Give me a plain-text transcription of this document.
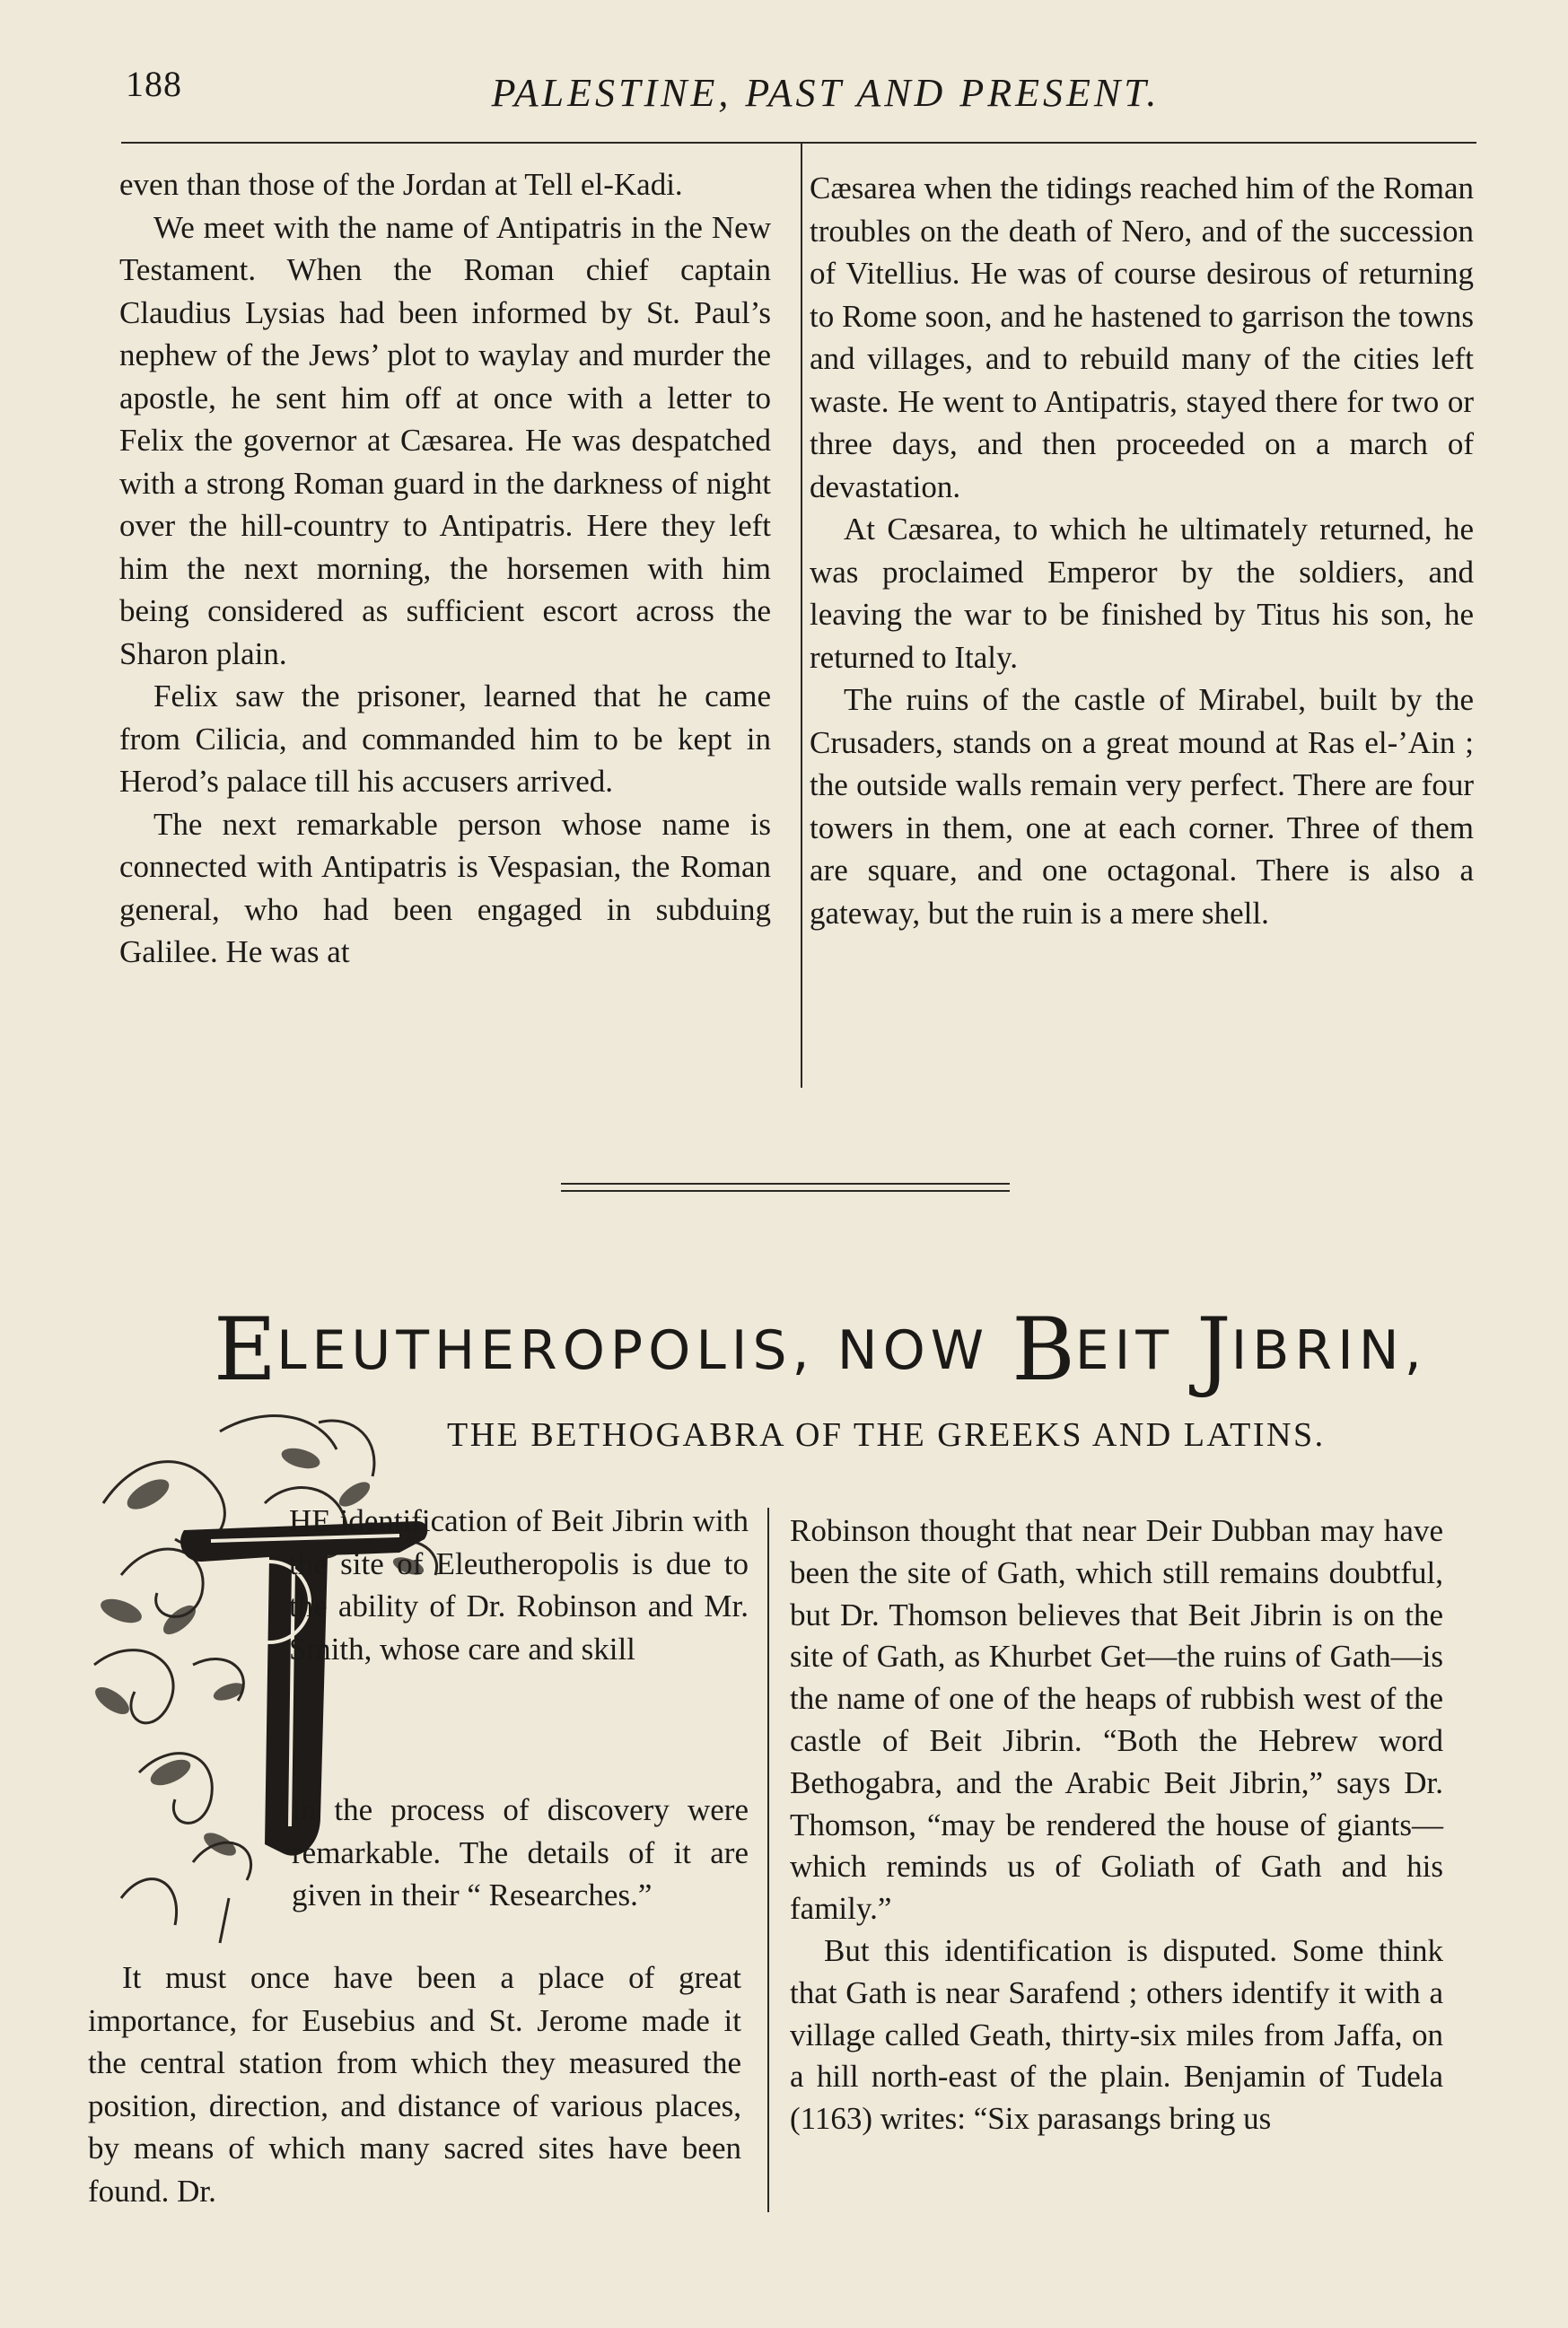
188	PALESTINE, PAST AND PRESENT.

even than those of the Jordan at Tell el-Kadi.

We meet with the name of Antipatris in the New Testament. When the Roman chief captain Claudius Lysias had been informed by St. Paul’s nephew of the Jews’ plot to waylay and murder the apostle, he sent him off at once with a letter to Felix the governor at Cæsarea. He was despatched with a strong Roman guard in the darkness of night over the hill-country to Antipatris. Here they left him the next morning, the horsemen with him being considered as sufficient escort across the Sharon plain.

Felix saw the prisoner, learned that he came from Cilicia, and commanded him to be kept in Herod’s palace till his accusers arrived.

The next remarkable person whose name is connected with Antipatris is Vespasian, the Roman general, who had been engaged in subduing Galilee. He was at

Cæsarea when the tidings reached him of the Roman troubles on the death of Nero, and of the succession of Vitellius. He was of course desirous of returning to Rome soon, and he hastened to garrison the towns and villages, and to rebuild many of the cities left waste. He went to Antipatris, stayed there for two or three days, and then proceeded on a march of devastation.

At Cæsarea, to which he ultimately returned, he was proclaimed Emperor by the soldiers, and leaving the war to be finished by Titus his son, he returned to Italy.

The ruins of the castle of Mirabel, built by the Crusaders, stands on a great mound at Ras el-’Ain ; the outside walls remain very perfect. There are four towers in them, one at each corner. Three of them are square, and one octagonal. There is also a gateway, but the ruin is a mere shell.

ELEUTHEROPOLIS, NOW BEIT JIBRIN,
THE BETHOGABRA OF THE GREEKS AND LATINS.
HE identification of Beit Jibrin with the site of Eleutheropolis is due to the ability of Dr. Robinson and Mr. Smith, whose care and skill
in the process of discovery were remarkable. The details of it are given in their “ Researches.”

It must once have been a place of great importance, for Eusebius and St. Jerome made it the central station from which they measured the position, direction, and distance of various places, by means of which many sacred sites have been found. Dr.

Robinson thought that near Deir Dubban may have been the site of Gath, which still remains doubtful, but Dr. Thomson believes that Beit Jibrin is on the site of Gath, as Khurbet Get—the ruins of Gath—is the name of one of the heaps of rubbish west of the castle of Beit Jibrin. “Both the Hebrew word Bethogabra, and the Arabic Beit Jibrin,” says Dr. Thomson, “may be rendered the house of giants—which reminds us of Goliath of Gath and his family.”

But this identification is disputed. Some think that Gath is near Sarafend ; others identify it with a village called Geath, thirty-six miles from Jaffa, on a hill north-east of the plain. Benjamin of Tudela (1163) writes: “Six parasangs bring us
